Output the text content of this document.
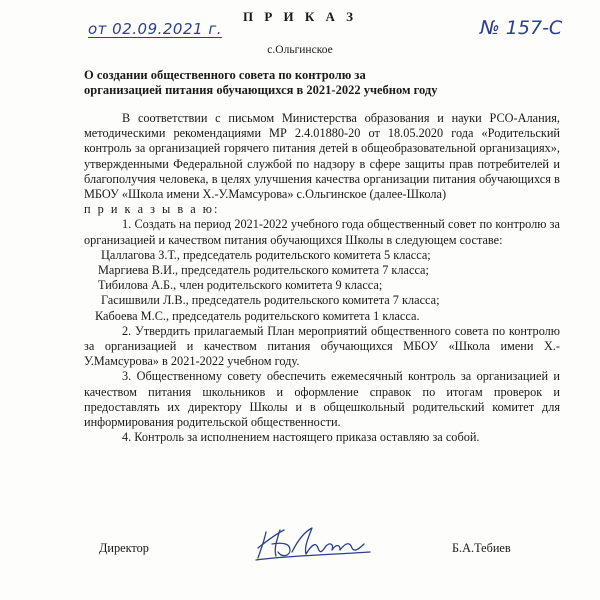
П Р И К А З
от 02.09.2021 г.	№ 157-С
с.Ольгинское
О создании общественного совета по контролю за
организацией питания обучающихся в 2021-2022 учебном году

В соответствии с письмом Министерства образования и науки РСО-Алания, методическими рекомендациями МР 2.4.01880-20 от 18.05.2020 года «Родительский контроль за организацией горячего питания детей в общеобразовательной организациях», утвержденными Федеральной службой по надзору в сфере защиты прав потребителей и благополучия человека, в целях улучшения качества организации питания обучающихся в МБОУ «Школа имени Х.-У.Мамсурова» с.Ольгинское (далее-Школа)

п р и к а з ы в а ю:

1. Создать на период 2021-2022 учебного года общественный совет по контролю за организацией и качеством питания обучающихся Школы в следующем составе:

Цаллагова З.Т., председатель родительского комитета 5 класса;

Маргиева В.И., председатель родительского комитета 7 класса;

Тибилова А.Б., член родительского комитета 9 класса;

Гасишвили Л.В., председатель родительского комитета 7 класса;

Кабоева М.С., председатель родительского комитета 1 класса.

2. Утвердить прилагаемый План мероприятий общественного совета по контролю за организацией и качеством питания обучающихся МБОУ «Школа имени Х.-У.Мамсурова» в 2021-2022 учебном году.

3. Общественному совету обеспечить ежемесячный контроль за организацией и качеством питания школьников и оформление справок по итогам проверок и предоставлять их директору Школы и в общешкольный родительский комитет для информирования родительской общественности.

4. Контроль за исполнением настоящего приказа оставляю за собой.

Директор	Б.А.Тебиев
